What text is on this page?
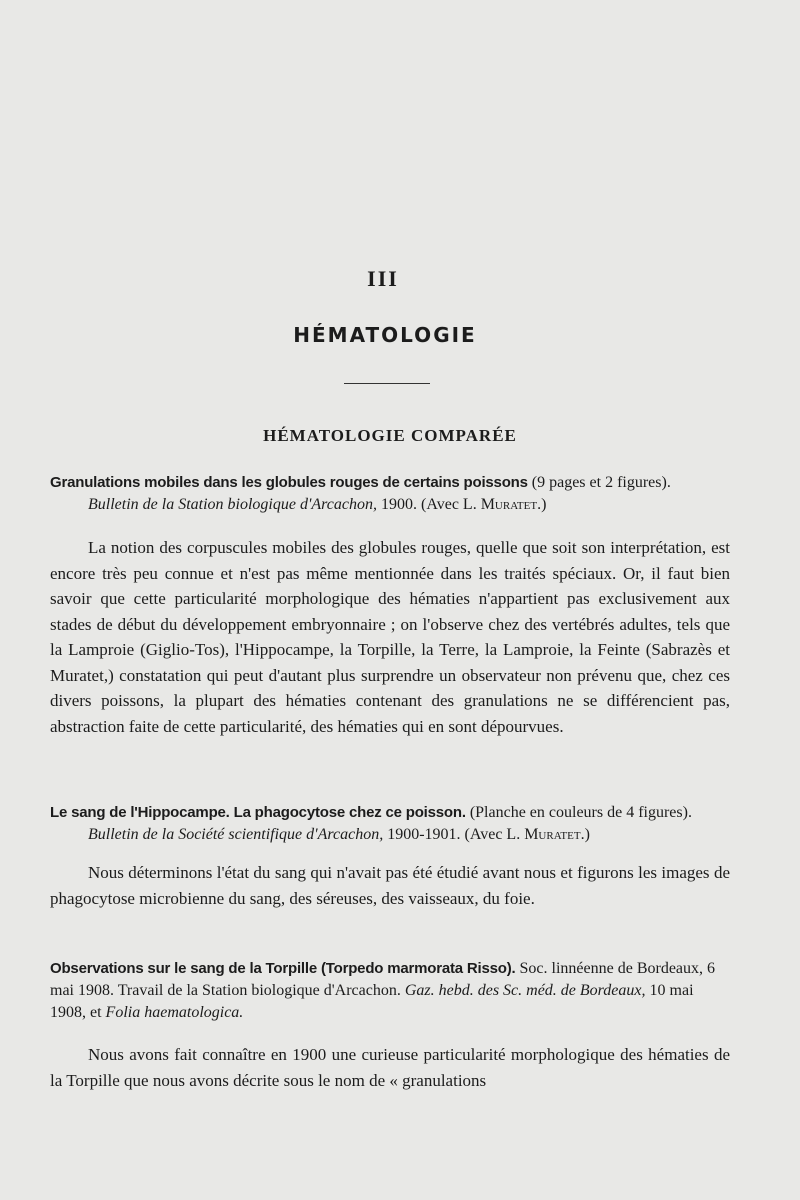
III
HÉMATOLOGIE
HÉMATOLOGIE COMPARÉE
Granulations mobiles dans les globules rouges de certains poissons (9 pages et 2 figures).
Bulletin de la Station biologique d'Arcachon, 1900. (Avec L. Muratet.)
La notion des corpuscules mobiles des globules rouges, quelle que soit son interprétation, est encore très peu connue et n'est pas même mentionnée dans les traités spéciaux. Or, il faut bien savoir que cette particularité morphologique des hématies n'appartient pas exclusivement aux stades de début du développement embryonnaire ; on l'observe chez des vertébrés adultes, tels que la Lamproie (Giglio-Tos), l'Hippocampe, la Torpille, la Terre, la Lamproie, la Feinte (Sabrazès et Muratet,) constatation qui peut d'autant plus surprendre un observateur non prévenu que, chez ces divers poissons, la plupart des hématies contenant des granulations ne se différencient pas, abstraction faite de cette particularité, des hématies qui en sont dépourvues.
Le sang de l'Hippocampe. La phagocytose chez ce poisson. (Planche en couleurs de 4 figures).
Bulletin de la Société scientifique d'Arcachon, 1900-1901. (Avec L. Muratet.)
Nous déterminons l'état du sang qui n'avait pas été étudié avant nous et figurons les images de phagocytose microbienne du sang, des séreuses, des vaisseaux, du foie.
Observations sur le sang de la Torpille (Torpedo marmorata Risso). Soc. linnéenne de Bordeaux, 6 mai 1908. Travail de la Station biologique d'Arcachon. Gaz. hebd. des Sc. méd. de Bordeaux, 10 mai 1908, et Folia haematologica.
Nous avons fait connaître en 1900 une curieuse particularité morphologique des hématies de la Torpille que nous avons décrite sous le nom de « granulations
